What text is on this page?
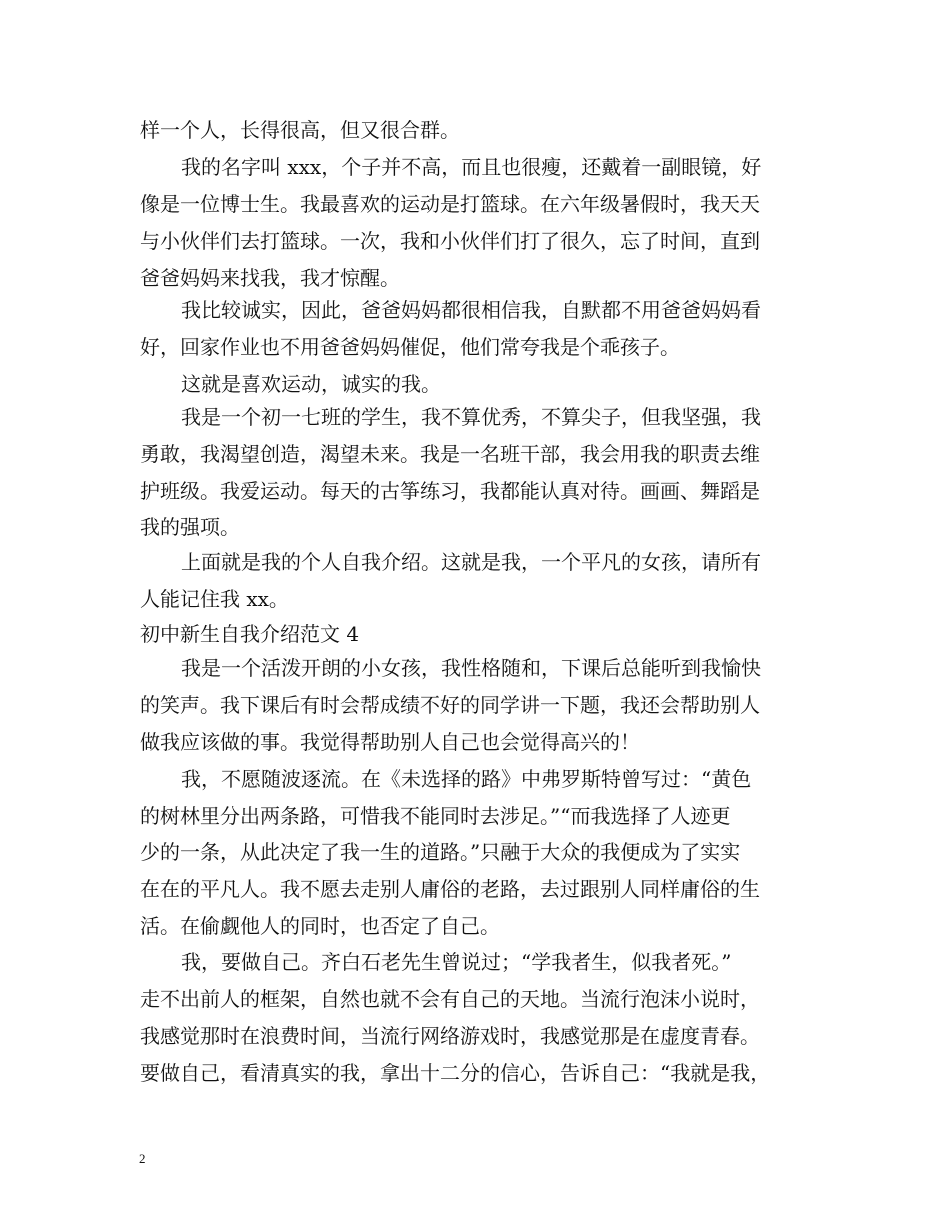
样一个人，长得很高，但又很合群。
我的名字叫 xxx，个子并不高，而且也很瘦，还戴着一副眼镜，好
像是一位博士生。我最喜欢的运动是打篮球。在六年级暑假时，我天天
与小伙伴们去打篮球。一次，我和小伙伴们打了很久，忘了时间，直到
爸爸妈妈来找我，我才惊醒。
我比较诚实，因此，爸爸妈妈都很相信我，自默都不用爸爸妈妈看
好，回家作业也不用爸爸妈妈催促，他们常夸我是个乖孩子。
这就是喜欢运动，诚实的我。
我是一个初一七班的学生，我不算优秀，不算尖子，但我坚强，我
勇敢，我渴望创造，渴望未来。我是一名班干部，我会用我的职责去维
护班级。我爱运动。每天的古筝练习，我都能认真对待。画画、舞蹈是
我的强项。
上面就是我的个人自我介绍。这就是我，一个平凡的女孩，请所有
人能记住我 xx。
初中新生自我介绍范文 4
我是一个活泼开朗的小女孩，我性格随和，下课后总能听到我愉快
的笑声。我下课后有时会帮成绩不好的同学讲一下题，我还会帮助别人
做我应该做的事。我觉得帮助别人自己也会觉得高兴的！
我，不愿随波逐流。在《未选择的路》中弗罗斯特曾写过：“黄色
的树林里分出两条路，可惜我不能同时去涉足。”“而我选择了人迹更
少的一条，从此决定了我一生的道路。”只融于大众的我便成为了实实
在在的平凡人。我不愿去走别人庸俗的老路，去过跟别人同样庸俗的生
活。在偷觑他人的同时，也否定了自己。
我，要做自己。齐白石老先生曾说过；“学我者生，似我者死。”
走不出前人的框架，自然也就不会有自己的天地。当流行泡沫小说时，
我感觉那时在浪费时间，当流行网络游戏时，我感觉那是在虚度青春。
要做自己，看清真实的我，拿出十二分的信心，告诉自己：“我就是我，
2
